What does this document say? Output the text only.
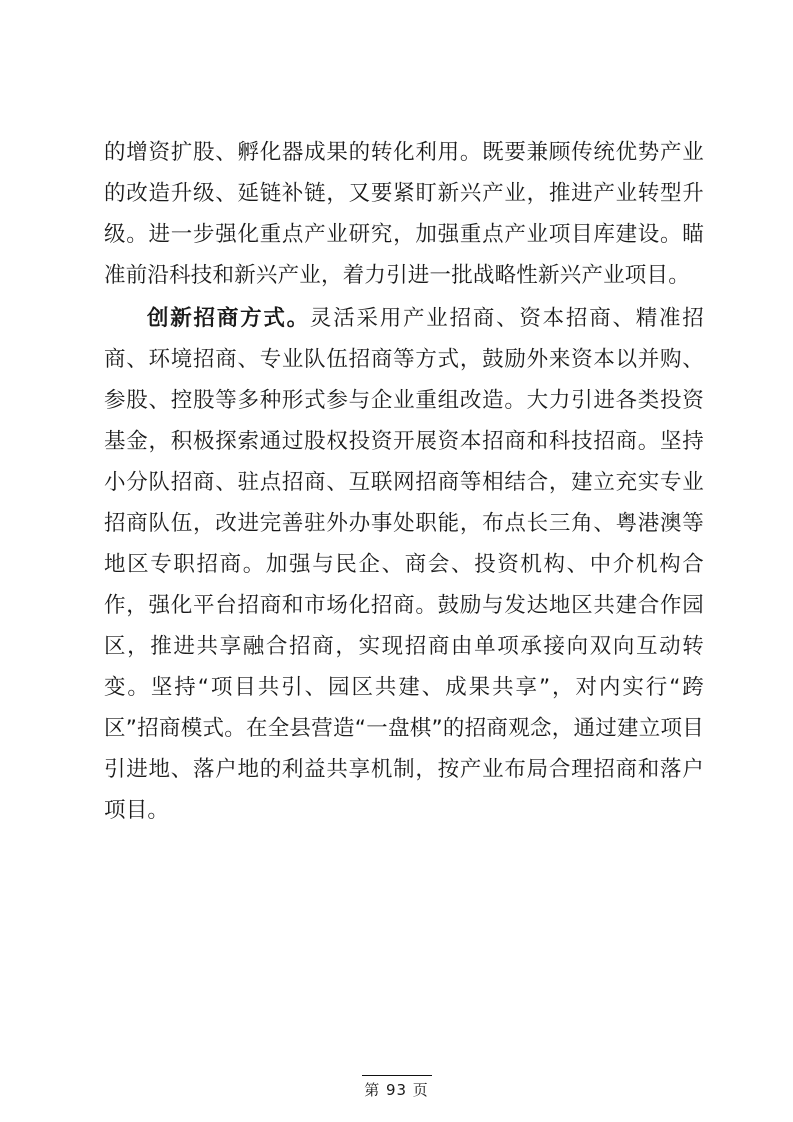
的增资扩股、孵化器成果的转化利用。既要兼顾传统优势产业的改造升级、延链补链，又要紧盯新兴产业，推进产业转型升级。进一步强化重点产业研究，加强重点产业项目库建设。瞄准前沿科技和新兴产业，着力引进一批战略性新兴产业项目。

创新招商方式。灵活采用产业招商、资本招商、精准招商、环境招商、专业队伍招商等方式，鼓励外来资本以并购、参股、控股等多种形式参与企业重组改造。大力引进各类投资基金，积极探索通过股权投资开展资本招商和科技招商。坚持小分队招商、驻点招商、互联网招商等相结合，建立充实专业招商队伍，改进完善驻外办事处职能，布点长三角、粤港澳等地区专职招商。加强与民企、商会、投资机构、中介机构合作，强化平台招商和市场化招商。鼓励与发达地区共建合作园区，推进共享融合招商，实现招商由单项承接向双向互动转变。坚持“项目共引、园区共建、成果共享”，对内实行“跨区”招商模式。在全县营造“一盘棋”的招商观念，通过建立项目引进地、落户地的利益共享机制，按产业布局合理招商和落户项目。

第 93 页
